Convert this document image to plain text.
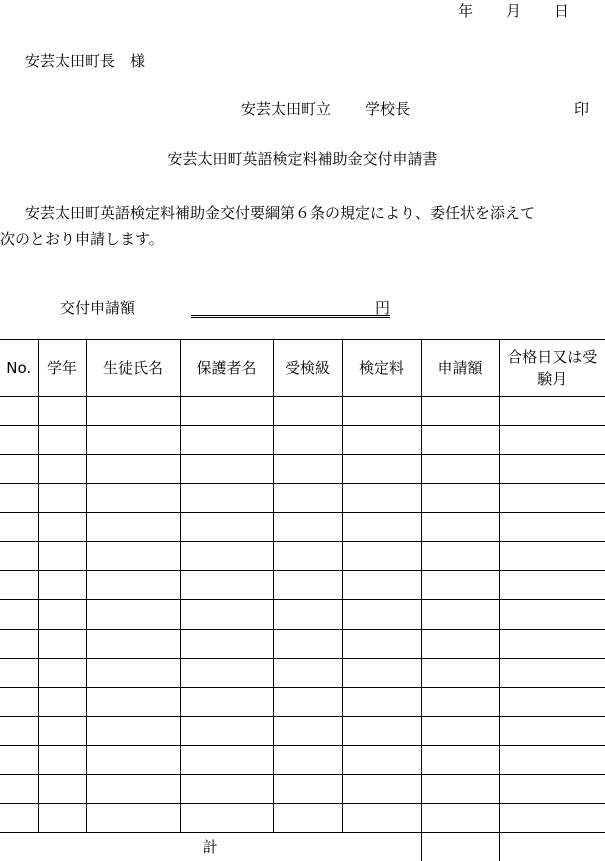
年 月 日
安芸太田町長　様
安芸太田町立 学校長	印
安芸太田町英語検定料補助金交付申請書
安芸太田町英語検定料補助金交付要綱第６条の規定により、委任状を添えて
次のとおり申請します。
交付申請額	円
No.	学年	生徒氏名	保護者名	受検級	検定料	申請額	合格日又は受験月

計							
